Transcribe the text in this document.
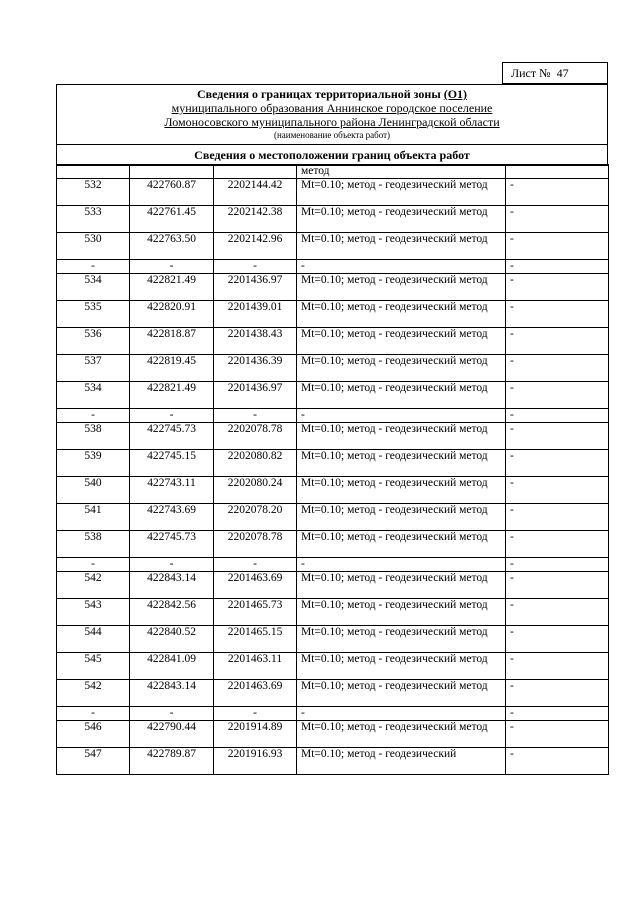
Лист № 47
Сведения о границах территориальной зоны (О1)
муниципального образования Аннинское городское поселение
Ломоносовского муниципального района Ленинградской области
(наименование объекта работ)
Сведения о местоположении границ объекта работ
			метод	
532	422760.87	2202144.42	Mt=0.10; метод - геодезический метод	-
533	422761.45	2202142.38	Mt=0.10; метод - геодезический метод	-
530	422763.50	2202142.96	Mt=0.10; метод - геодезический метод	-
-	-	-	-	-
534	422821.49	2201436.97	Mt=0.10; метод - геодезический метод	-
535	422820.91	2201439.01	Mt=0.10; метод - геодезический метод	-
536	422818.87	2201438.43	Mt=0.10; метод - геодезический метод	-
537	422819.45	2201436.39	Mt=0.10; метод - геодезический метод	-
534	422821.49	2201436.97	Mt=0.10; метод - геодезический метод	-
-	-	-	-	-
538	422745.73	2202078.78	Mt=0.10; метод - геодезический метод	-
539	422745.15	2202080.82	Mt=0.10; метод - геодезический метод	-
540	422743.11	2202080.24	Mt=0.10; метод - геодезический метод	-
541	422743.69	2202078.20	Mt=0.10; метод - геодезический метод	-
538	422745.73	2202078.78	Mt=0.10; метод - геодезический метод	-
-	-	-	-	-
542	422843.14	2201463.69	Mt=0.10; метод - геодезический метод	-
543	422842.56	2201465.73	Mt=0.10; метод - геодезический метод	-
544	422840.52	2201465.15	Mt=0.10; метод - геодезический метод	-
545	422841.09	2201463.11	Mt=0.10; метод - геодезический метод	-
542	422843.14	2201463.69	Mt=0.10; метод - геодезический метод	-
-	-	-	-	-
546	422790.44	2201914.89	Mt=0.10; метод - геодезический метод	-
547	422789.87	2201916.93	Mt=0.10; метод - геодезический	-
